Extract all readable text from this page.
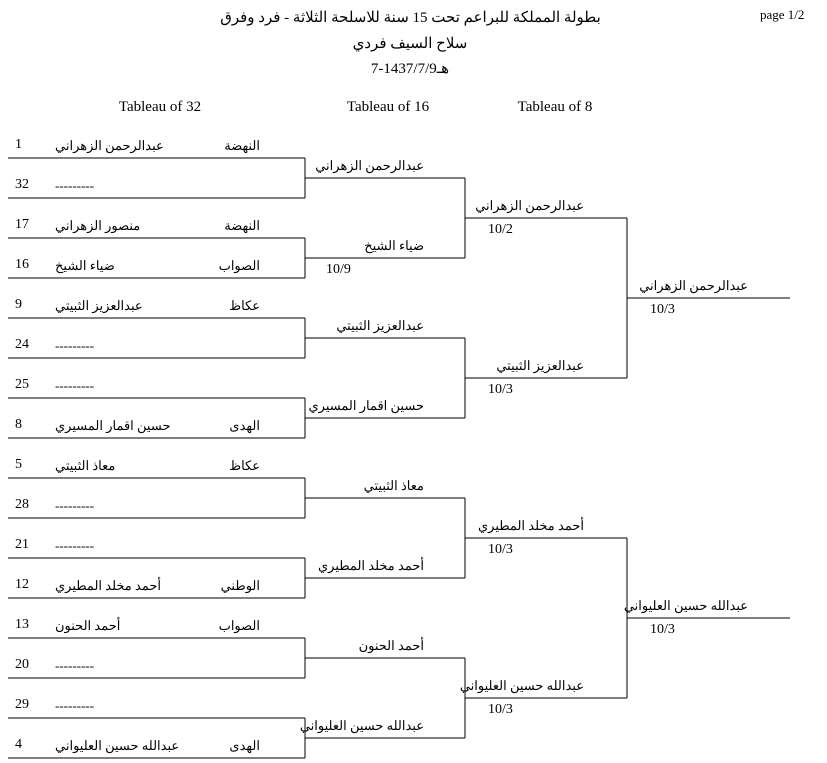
بطولة المملكة للبراعم تحت 15 سنة للاسلحة الثلاثة - فرد وفرق
سلاح السيف فردي
7-1437/7/9هـ
page 1/2
Tableau of 32	Tableau of 16	Tableau of 8
1	عبدالرحمن الزهراني	النهضة
32 ---------
17 منصور الزهراني	النهضة
16 ضياء الشيخ	الصواب
9	عبدالعزيز الثبيتي	عكاظ
24 ---------
25 ---------
8	حسين اقمار المسيري	الهدى
5	معاذ الثبيتي	عكاظ
28 ---------
21 ---------
12 أحمد مخلد المطيري	الوطني
13 أحمد الحنون	الصواب
20 ---------
29 ---------
4	عبدالله حسين العليواني	الهدى
عبدالرحمن الزهراني
ضياء الشيخ
10/9
عبدالعزيز الثبيتي
حسين اقمار المسيري
معاذ الثبيتي
أحمد مخلد المطيري
أحمد الحنون
عبدالله حسين العليواني
عبدالرحمن الزهراني
10/2
عبدالعزيز الثبيتي
10/3
أحمد مخلد المطيري
10/3
عبدالله حسين العليواني
10/3
عبدالرحمن الزهراني
10/3
عبدالله حسين العليواني
10/3
